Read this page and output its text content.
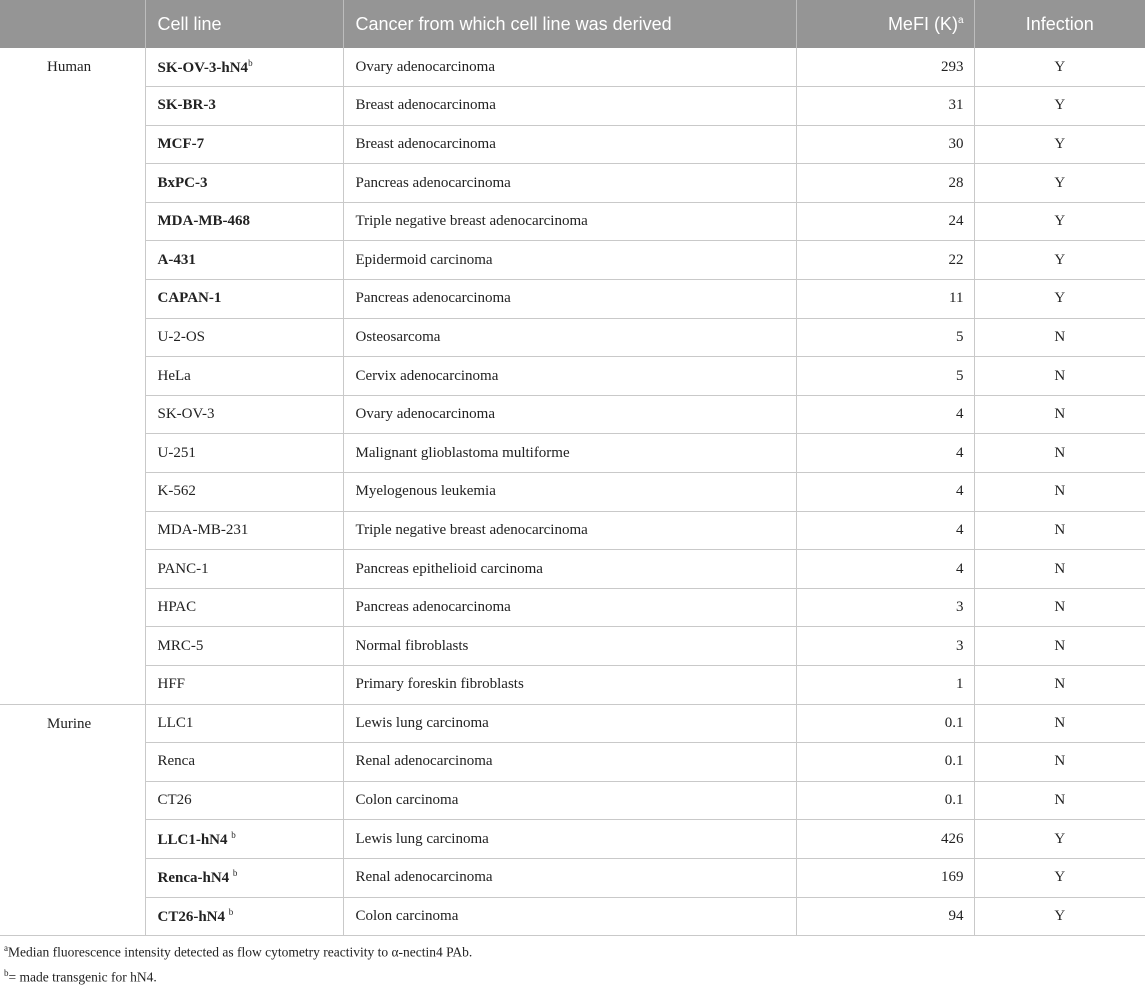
	Cell line	Cancer from which cell line was derived	MeFI $(K)^a$	Infection
Human	SK-OV-3-hN4$^b$	Ovary adenocarcinoma	293	Y
	SK-BR-3	Breast adenocarcinoma	31	Y
	MCF-7	Breast adenocarcinoma	30	Y
	BxPC-3	Pancreas adenocarcinoma	28	Y
	MDA-MB-468	Triple negative breast adenocarcinoma	24	Y
	A-431	Epidermoid carcinoma	22	Y
	CAPAN-1	Pancreas adenocarcinoma	11	Y
	U-2-OS	Osteosarcoma	5	N
	HeLa	Cervix adenocarcinoma	5	N
	SK-OV-3	Ovary adenocarcinoma	4	N
	U-251	Malignant glioblastoma multiforme	4	N
	K-562	Myelogenous leukemia	4	N
	MDA-MB-231	Triple negative breast adenocarcinoma	4	N
	PANC-1	Pancreas epithelioid carcinoma	4	N
	HPAC	Pancreas adenocarcinoma	3	N
	MRC-5	Normal fibroblasts	3	N
	HFF	Primary foreskin fibroblasts	1	N
Murine	LLC1	Lewis lung carcinoma	0.1	N
	Renca	Renal adenocarcinoma	0.1	N
	CT26	Colon carcinoma	0.1	N
	LLC1-hN4 $^b$	Lewis lung carcinoma	426	Y
	Renca-hN4 $^b$	Renal adenocarcinoma	169	Y
	CT26-hN4 $^b$	Colon carcinoma	94	Y
$^a$Median fluorescence intensity detected as flow cytometry reactivity to α-nectin4 PAb.
$^b$= made transgenic for hN4.
